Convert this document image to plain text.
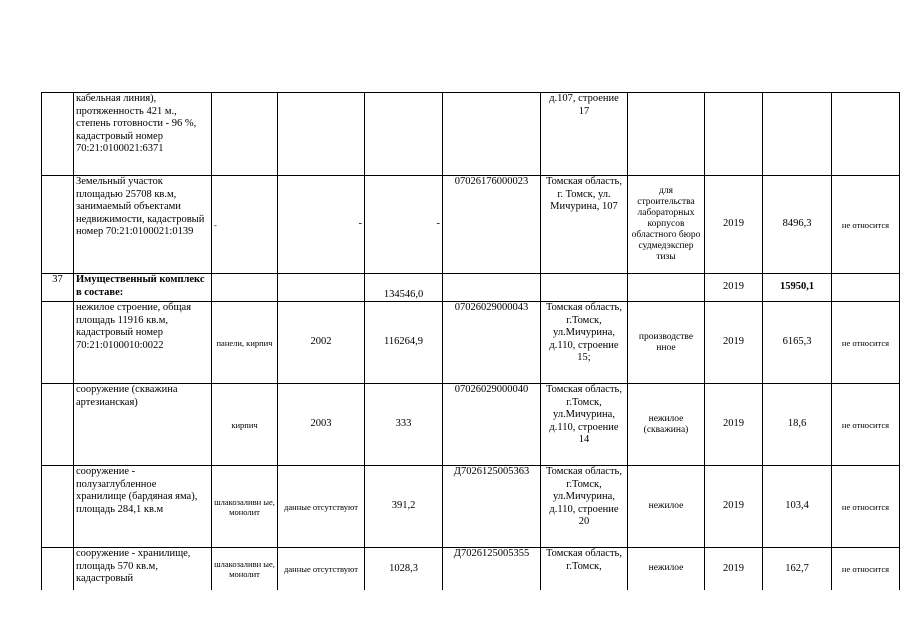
	кабельная линия), протяженность 421 м., степень готовности - 96 %, кадастровый номер 70:21:0100021:6371					д.107, строение 17				
	Земельный участок площадью 25708 кв.м, занимаемый объектами недвижимости, кадастровый номер 70:21:0100021:0139	-	-	-	07026176000023	Томская область, г. Томск, ул. Мичурина, 107	для строительства лабораторных корпусов областного бюро судмедэкспер тизы	2019	8496,3	не относится
37	Имущественный комплекс в составе:			134546,0				2019	15950,1	
	нежилое строение, общая площадь 11916 кв.м, кадастровый номер 70:21:0100010:0022	панели, кирпич	2002	116264,9	07026029000043	Томская область, г.Томск, ул.Мичурина, д.110, строение 15;	производстве нное	2019	6165,3	не относится
	сооружение (скважина артезианская)	кирпич	2003	333	07026029000040	Томская область, г.Томск, ул.Мичурина, д.110, строение 14	нежилое (скважина)	2019	18,6	не относится
	сооружение - полузаглубленное хранилище (бардяная яма), площадь 284,1 кв.м	шлакозаливн ые, монолит	данные отсутствуют	391,2	Д7026125005363	Томская область, г.Томск, ул.Мичурина, д.110, строение 20	нежилое	2019	103,4	не относится
	сооружение - хранилище, площадь 570 кв.м, кадастровый	шлакозаливн ые, монолит	данные отсутствуют	1028,3	Д7026125005355	Томская область, г.Томск,	нежилое	2019	162,7	не относится
